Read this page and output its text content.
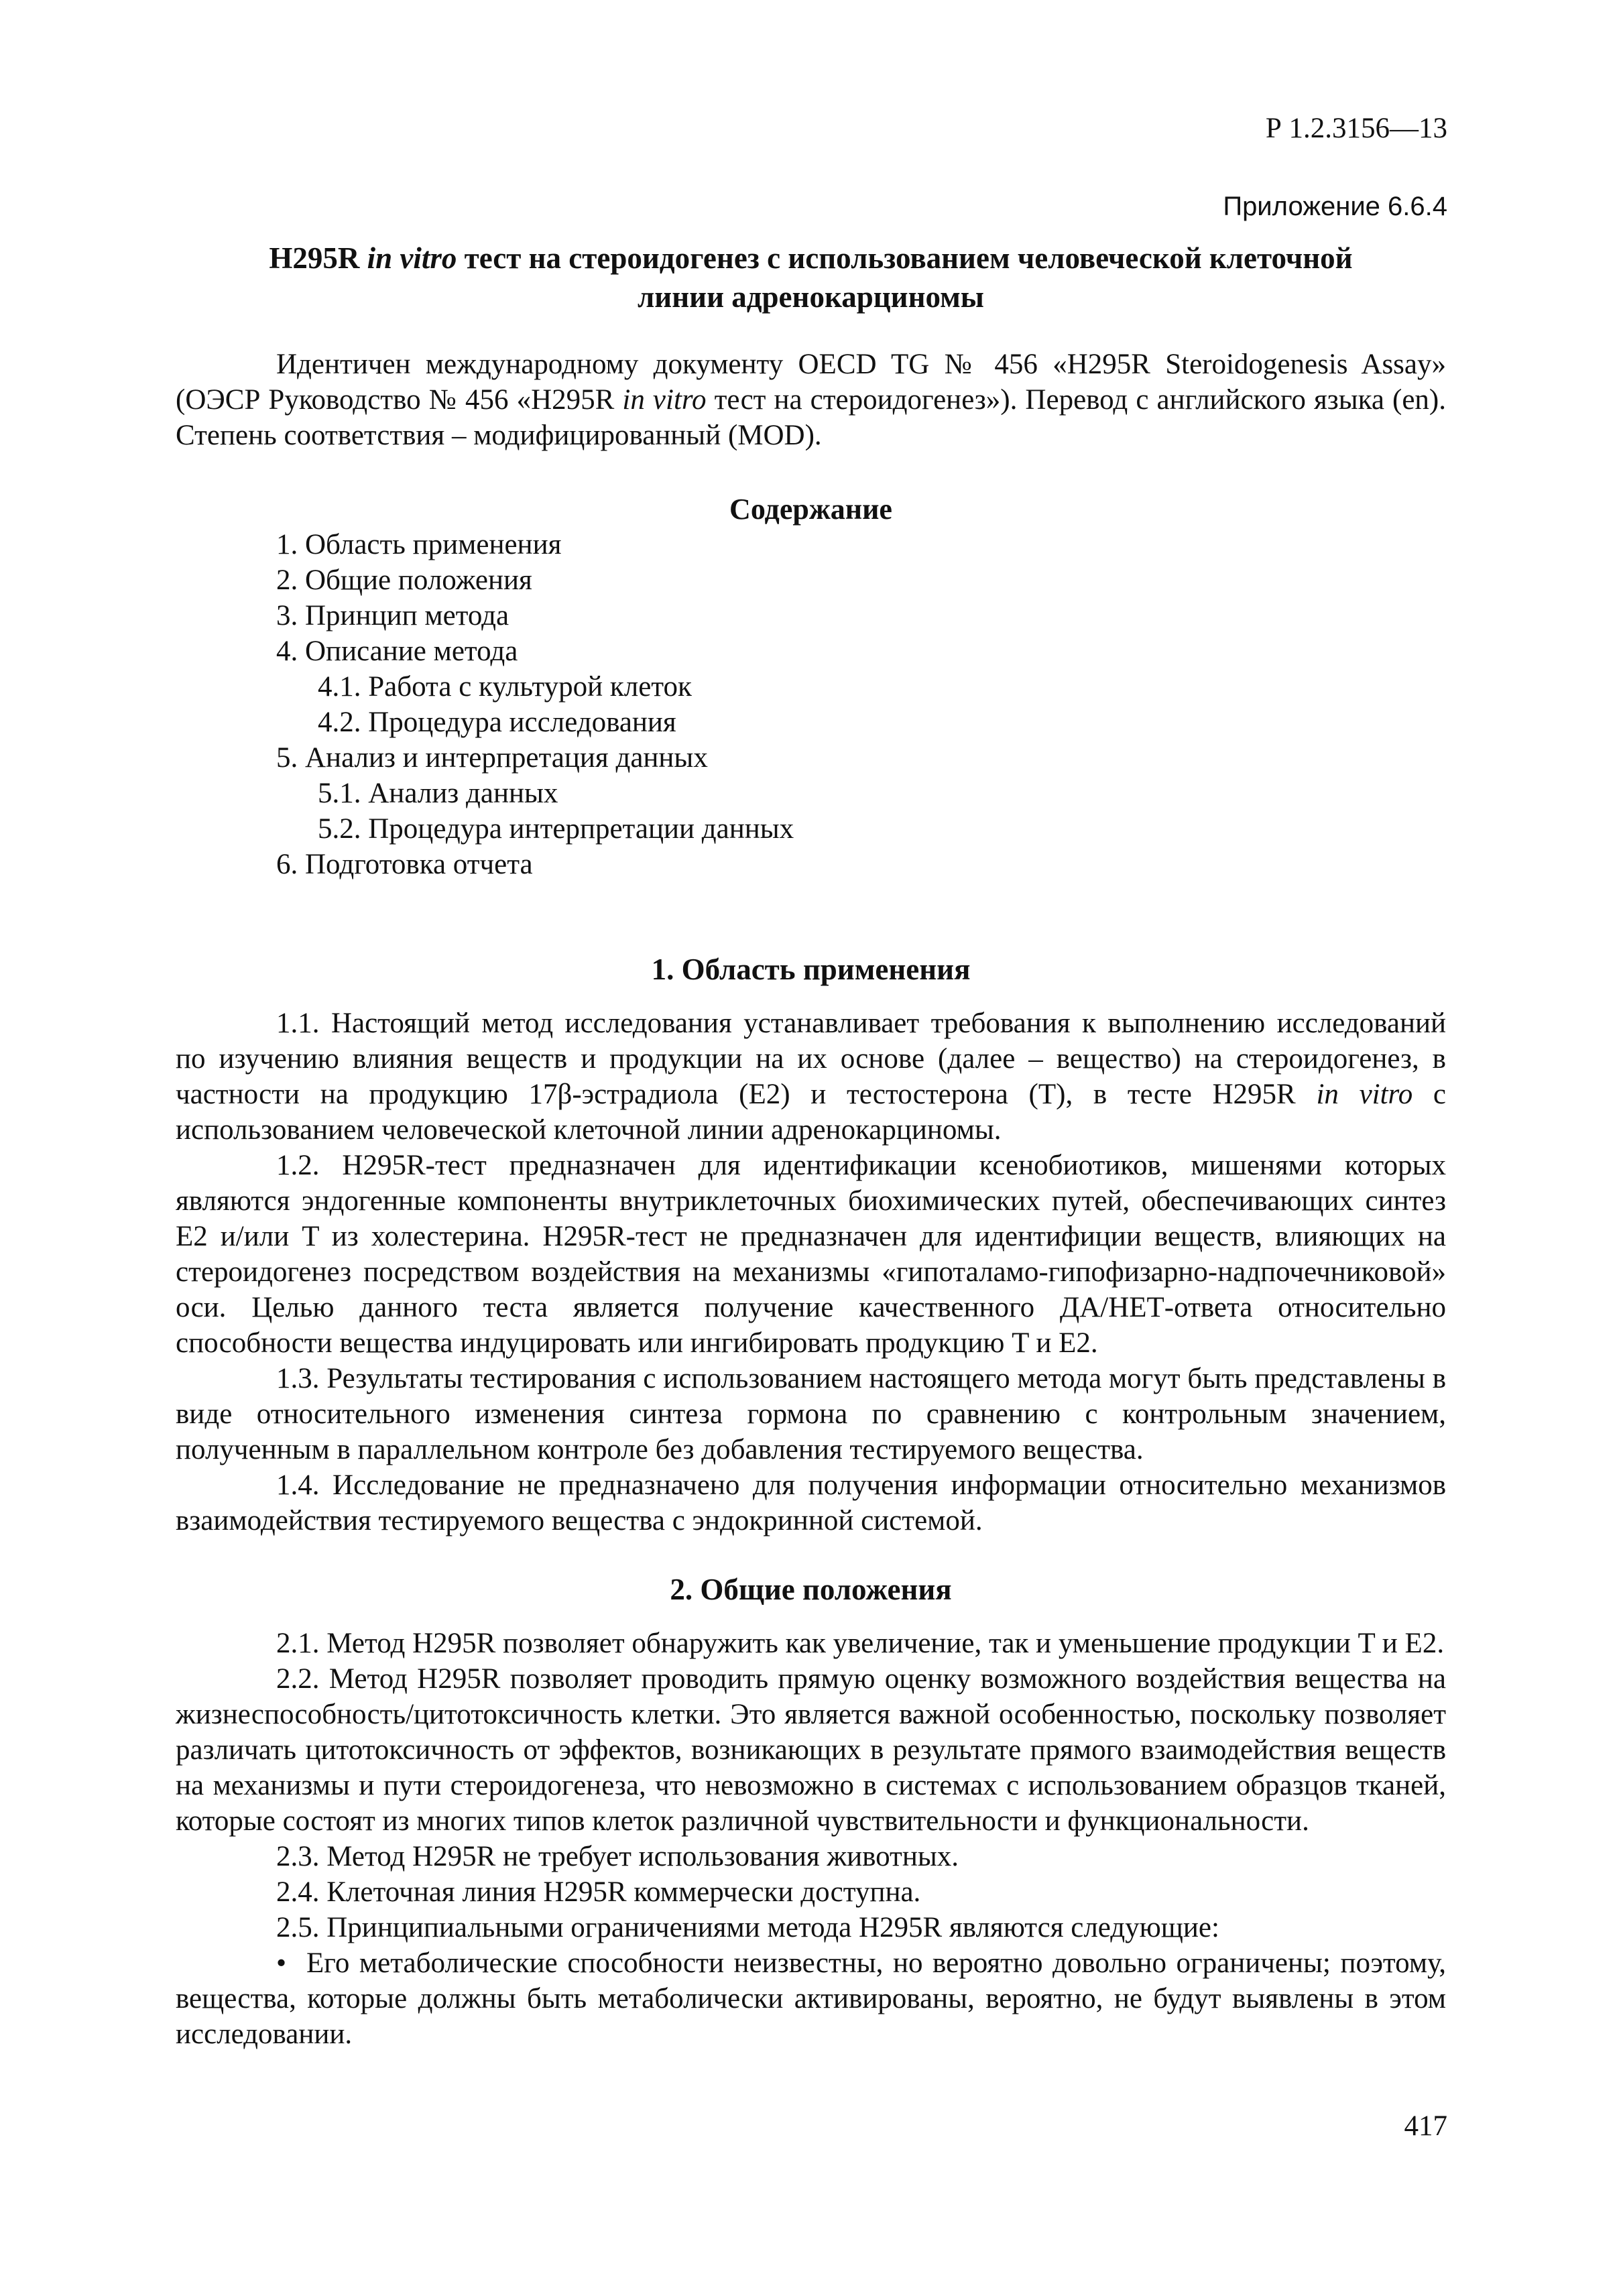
Р 1.2.3156—13
Приложение 6.6.4
H295R in vitro тест на стероидогенез с использованием человеческой клеточной
линии адренокарциномы

Идентичен международному документу OECD TG № 456 «H295R Steroidogenesis Assay» (ОЭСР Руководство № 456 «H295R in vitro тест на стероидогенез»). Перевод с английского языка (en). Степень соответствия – модифицированный (MOD).

Содержание
1. Область применения
2. Общие положения
3. Принцип метода
4. Описание метода
4.1. Работа с культурой клеток
4.2. Процедура исследования
5. Анализ и интерпретация данных
5.1. Анализ данных
5.2. Процедура интерпретации данных
6. Подготовка отчета
1. Область применения

1.1. Настоящий метод исследования устанавливает требования к выполнению исследований по изучению влияния веществ и продукции на их основе (далее – вещество) на стероидогенез, в частности на продукцию 17β-эстрадиола (E2) и тестостерона (T), в тесте H295R in vitro с использованием человеческой клеточной линии адренокарциномы.

1.2. H295R-тест предназначен для идентификации ксенобиотиков, мишенями которых являются эндогенные компоненты внутриклеточных биохимических путей, обеспечивающих синтез E2 и/или T из холестерина. H295R-тест не предназначен для идентифиции веществ, влияющих на стероидогенез посредством воздействия на механизмы «гипоталамо-гипофизарно-надпочечниковой» оси. Целью данного теста является получение качественного ДА/НЕТ-ответа относительно способности вещества индуцировать или ингибировать продукцию T и E2.

1.3. Результаты тестирования с использованием настоящего метода могут быть представлены в виде относительного изменения синтеза гормона по сравнению с контрольным значением, полученным в параллельном контроле без добавления тестируемого вещества.

1.4. Исследование не предназначено для получения информации относительно механизмов взаимодействия тестируемого вещества с эндокринной системой.

2. Общие положения

2.1. Метод H295R позволяет обнаружить как увеличение, так и уменьшение продукции T и E2.

2.2. Метод H295R позволяет проводить прямую оценку возможного воздействия вещества на жизнеспособность/цитотоксичность клетки. Это является важной особенностью, поскольку позволяет различать цитотоксичность от эффектов, возникающих в результате прямого взаимодействия веществ на механизмы и пути стероидогенеза, что невозможно в системах с использованием образцов тканей, которые состоят из многих типов клеток различной чувствительности и функциональности.

2.3. Метод H295R не требует использования животных.

2.4. Клеточная линия H295R коммерчески доступна.

2.5. Принципиальными ограничениями метода H295R являются следующие:

• Его метаболические способности неизвестны, но вероятно довольно ограничены; поэтому, вещества, которые должны быть метаболически активированы, вероятно, не будут выявлены в этом исследовании.

417
